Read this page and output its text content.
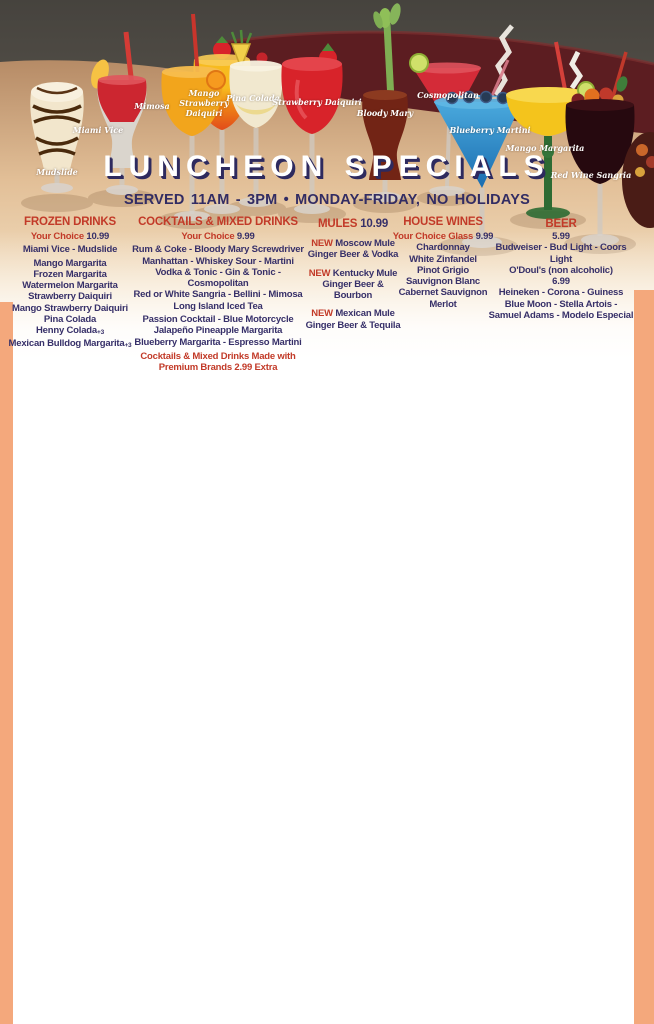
Mudslide
Miami Vice
Mimosa
Mango Strawberry Daiquiri
Pina Colada
Strawberry Daiquiri
Bloody Mary
Cosmopolitan
Blueberry Martini
Mango Margarita
Red Wine Sangria
LUNCHEON SPECIALS
SERVED 11AM - 3PM • MONDAY-FRIDAY, NO HOLIDAYS
FROZEN DRINKS
Your Choice 10.99
Miami Vice - Mudslide
Mango Margarita
Frozen Margarita
Watermelon Margarita
Strawberry Daiquiri
Mango Strawberry Daiquiri
Pina Colada
Henny Colada$^{+3}$
Mexican Bulldog Margarita$^{+3}$
COCKTAILS & MIXED DRINKS
Your Choice 9.99
Rum & Coke - Bloody Mary Screwdriver
Manhattan - Whiskey Sour - Martini
Vodka & Tonic - Gin & Tonic - Cosmopolitan
Red or White Sangria - Bellini - Mimosa
Long Island Iced Tea
Passion Cocktail - Blue Motorcycle
Jalapeño Pineapple Margarita
Blueberry Margarita - Espresso Martini
Cocktails & Mixed Drinks Made with
Premium Brands 2.99 Extra
MULES 10.99
NEW Moscow Mule
Ginger Beer & Vodka
NEW Kentucky Mule
Ginger Beer & Bourbon
NEW Mexican Mule
Ginger Beer & Tequila
HOUSE WINES
Your Choice Glass 9.99
Chardonnay
White Zinfandel
Pinot Grigio
Sauvignon Blanc
Cabernet Sauvignon
Merlot
BEER
5.99
Budweiser - Bud Light - Coors Light
O'Doul's (non alcoholic)
6.99
Heineken - Corona - Guiness
Blue Moon - Stella Artois -
Samuel Adams - Modelo Especial
